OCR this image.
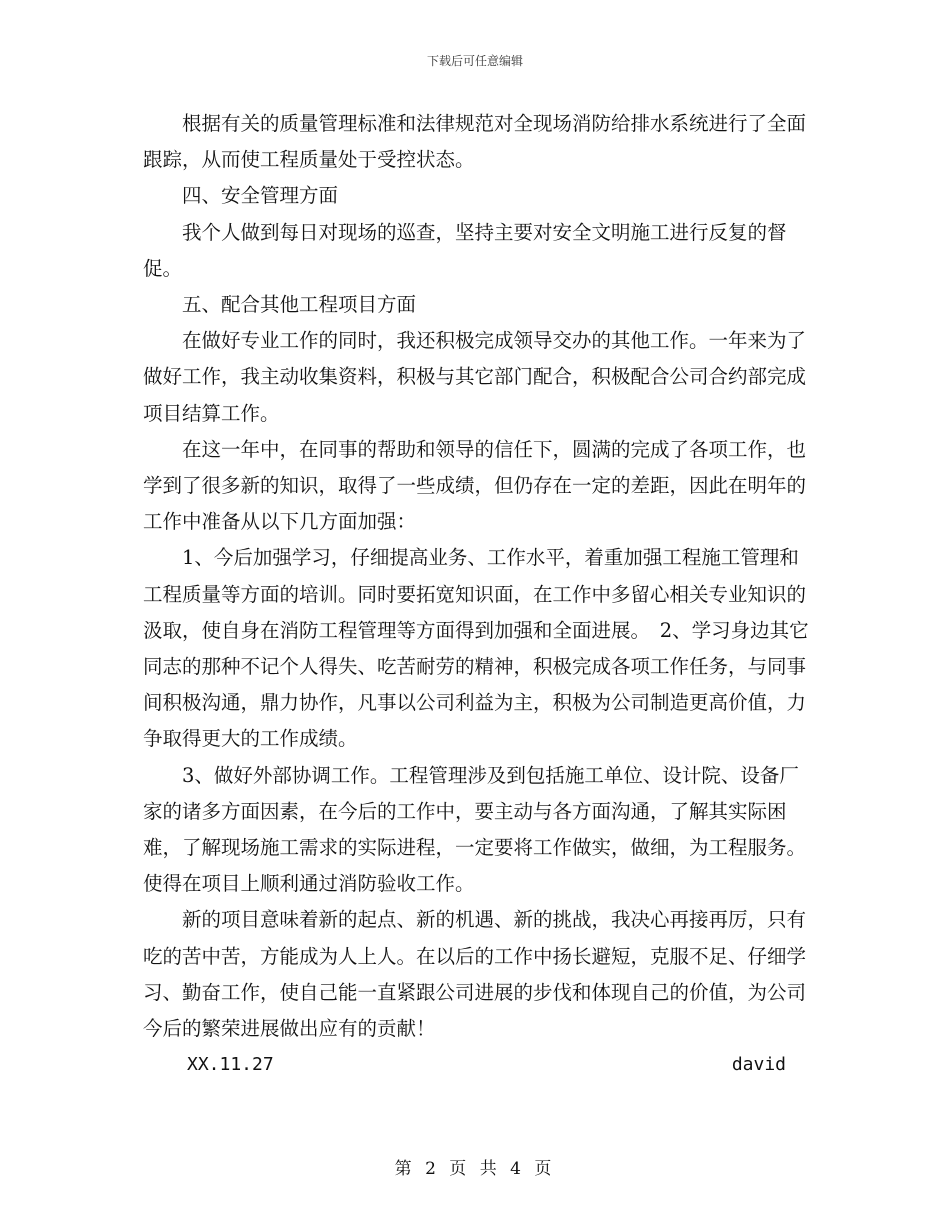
下载后可任意编辑

根据有关的质量管理标准和法律规范对全现场消防给排水系统进行了全面跟踪，从而使工程质量处于受控状态。

四、安全管理方面

我个人做到每日对现场的巡查，坚持主要对安全文明施工进行反复的督促。

五、配合其他工程项目方面

在做好专业工作的同时，我还积极完成领导交办的其他工作。一年来为了做好工作，我主动收集资料，积极与其它部门配合，积极配合公司合约部完成项目结算工作。

在这一年中，在同事的帮助和领导的信任下，圆满的完成了各项工作，也学到了很多新的知识，取得了一些成绩，但仍存在一定的差距，因此在明年的工作中准备从以下几方面加强：

1、今后加强学习，仔细提高业务、工作水平，着重加强工程施工管理和工程质量等方面的培训。同时要拓宽知识面，在工作中多留心相关专业知识的汲取，使自身在消防工程管理等方面得到加强和全面进展。　2、学习身边其它同志的那种不记个人得失、吃苦耐劳的精神，积极完成各项工作任务，与同事间积极沟通，鼎力协作，凡事以公司利益为主，积极为公司制造更高价值，力争取得更大的工作成绩。

3、做好外部协调工作。工程管理涉及到包括施工单位、设计院、设备厂家的诸多方面因素，在今后的工作中，要主动与各方面沟通，了解其实际困难，了解现场施工需求的实际进程，一定要将工作做实，做细，为工程服务。　使得在项目上顺利通过消防验收工作。

新的项目意味着新的起点、新的机遇、新的挑战，我决心再接再厉，只有吃的苦中苦，方能成为人上人。在以后的工作中扬长避短，克服不足、仔细学习、勤奋工作，使自己能一直紧跟公司进展的步伐和体现自己的价值，为公司今后的繁荣进展做出应有的贡献！

XX.11.27	david
第 2 页 共 4 页
